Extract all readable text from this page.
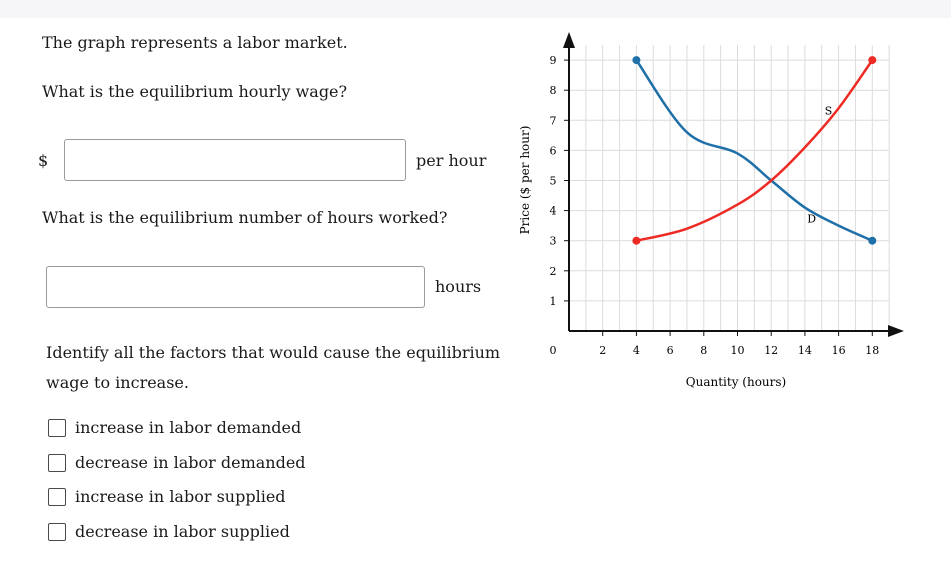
The graph represents a labor market.
What is the equilibrium hourly wage?
$	per hour
What is the equilibrium number of hours worked?
hours
Identify all the factors that would cause the equilibrium
wage to increase.
increase in labor demanded
decrease in labor demanded
increase in labor supplied
decrease in labor supplied
1
2
3
4
5
6
7
8
9
0	2 4 6 8 10 12 14 16 18
D
S
Price ($ per hour)
Quantity (hours)
